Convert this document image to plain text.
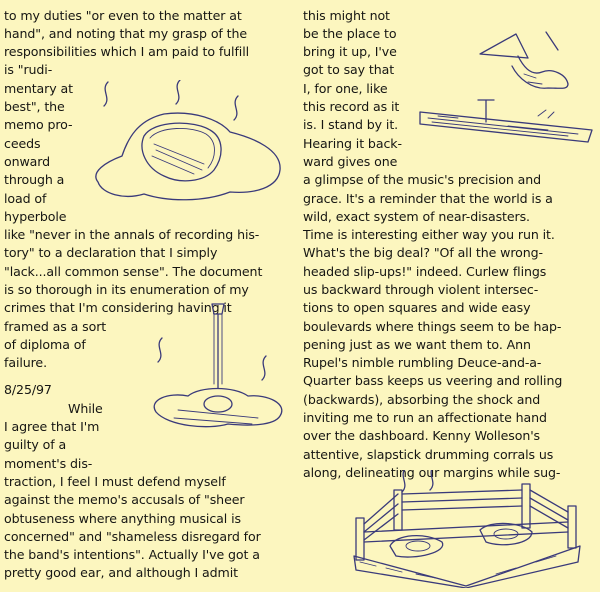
to my duties "or even to the matter at
hand", and noting that my grasp of the
responsibilities which I am paid to fulfill
is "rudi-
mentary at
best", the
memo pro-
ceeds
onward
through a
load of
hyperbole
like "never in the annals of recording his-
tory" to a declaration that I simply
"lack...all common sense". The document
is so thorough in its enumeration of my
crimes that I'm considering having it
framed as a sort
of diploma of
failure.
8/25/97
While
I agree that I'm
guilty of a
moment's dis-
traction, I feel I must defend myself
against the memo's accusals of "sheer
obtuseness where anything musical is
concerned" and "shameless disregard for
the band's intentions". Actually I've got a
pretty good ear, and although I admit
this might not
be the place to
bring it up, I've
got to say that
I, for one, like
this record as it
is. I stand by it.
Hearing it back-
ward gives one
a glimpse of the music's precision and
grace. It's a reminder that the world is a
wild, exact system of near-disasters.
Time is interesting either way you run it.
What's the big deal? "Of all the wrong-
headed slip-ups!" indeed. Curlew flings
us backward through violent intersec-
tions to open squares and wide easy
boulevards where things seem to be hap-
pening just as we want them to. Ann
Rupel's nimble rumbling Deuce-and-a-
Quarter bass keeps us veering and rolling
(backwards), absorbing the shock and
inviting me to run an affectionate hand
over the dashboard. Kenny Wolleson's
attentive, slapstick drumming corrals us
along, delineating our margins while sug-
